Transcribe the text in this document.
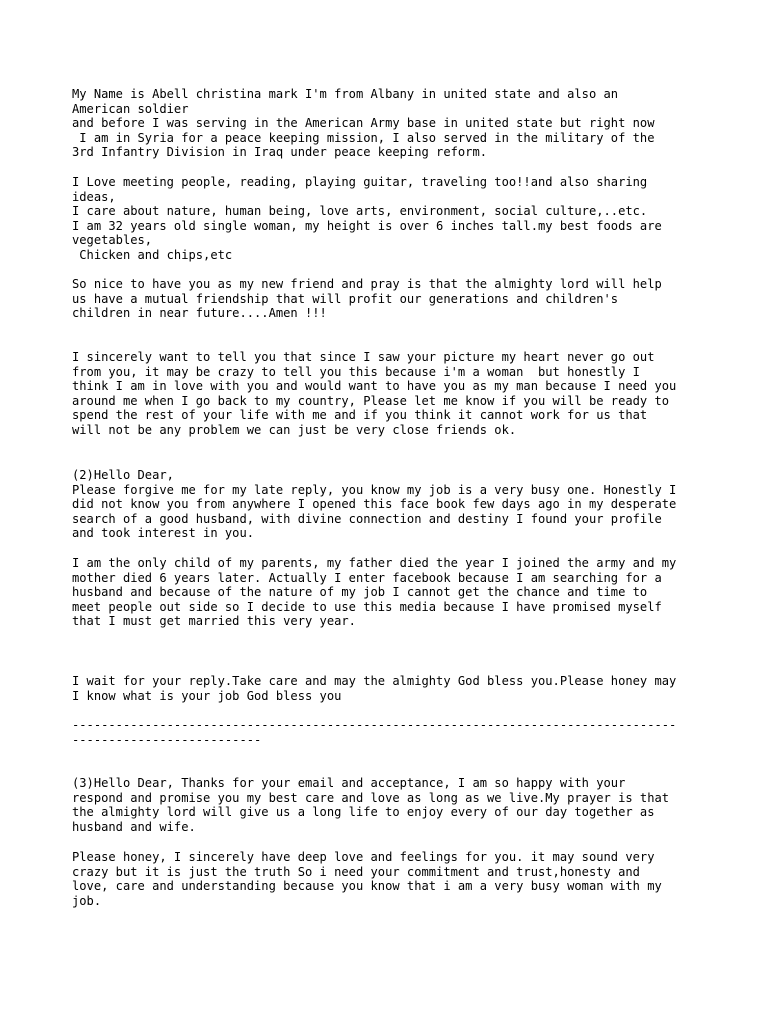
My Name is Abell christina mark I'm from Albany in united state and also an
American soldier
and before I was serving in the American Army base in united state but right now
I am in Syria for a peace keeping mission, I also served in the military of the
3rd Infantry Division in Iraq under peace keeping reform.

I Love meeting people, reading, playing guitar, traveling too!!and also sharing
ideas,
I care about nature, human being, love arts, environment, social culture,..etc.
I am 32 years old single woman, my height is over 6 inches tall.my best foods are
vegetables,
Chicken and chips,etc

So nice to have you as my new friend and pray is that the almighty lord will help
us have a mutual friendship that will profit our generations and children's
children in near future....Amen !!!

I sincerely want to tell you that since I saw your picture my heart never go out
from you, it may be crazy to tell you this because i'm a woman  but honestly I
think I am in love with you and would want to have you as my man because I need you
around me when I go back to my country, Please let me know if you will be ready to
spend the rest of your life with me and if you think it cannot work for us that
will not be any problem we can just be very close friends ok.

(2)Hello Dear,
Please forgive me for my late reply, you know my job is a very busy one. Honestly I
did not know you from anywhere I opened this face book few days ago in my desperate
search of a good husband, with divine connection and destiny I found your profile
and took interest in you.

I am the only child of my parents, my father died the year I joined the army and my
mother died 6 years later. Actually I enter facebook because I am searching for a
husband and because of the nature of my job I cannot get the chance and time to
meet people out side so I decide to use this media because I have promised myself
that I must get married this very year.

I wait for your reply.Take care and may the almighty God bless you.Please honey may
I know what is your job God bless you

-----------------------------------------------------------------------------------
--------------------------

(3)Hello Dear, Thanks for your email and acceptance, I am so happy with your
respond and promise you my best care and love as long as we live.My prayer is that
the almighty lord will give us a long life to enjoy every of our day together as
husband and wife.

Please honey, I sincerely have deep love and feelings for you. it may sound very
crazy but it is just the truth So i need your commitment and trust,honesty and
love, care and understanding because you know that i am a very busy woman with my
job.
